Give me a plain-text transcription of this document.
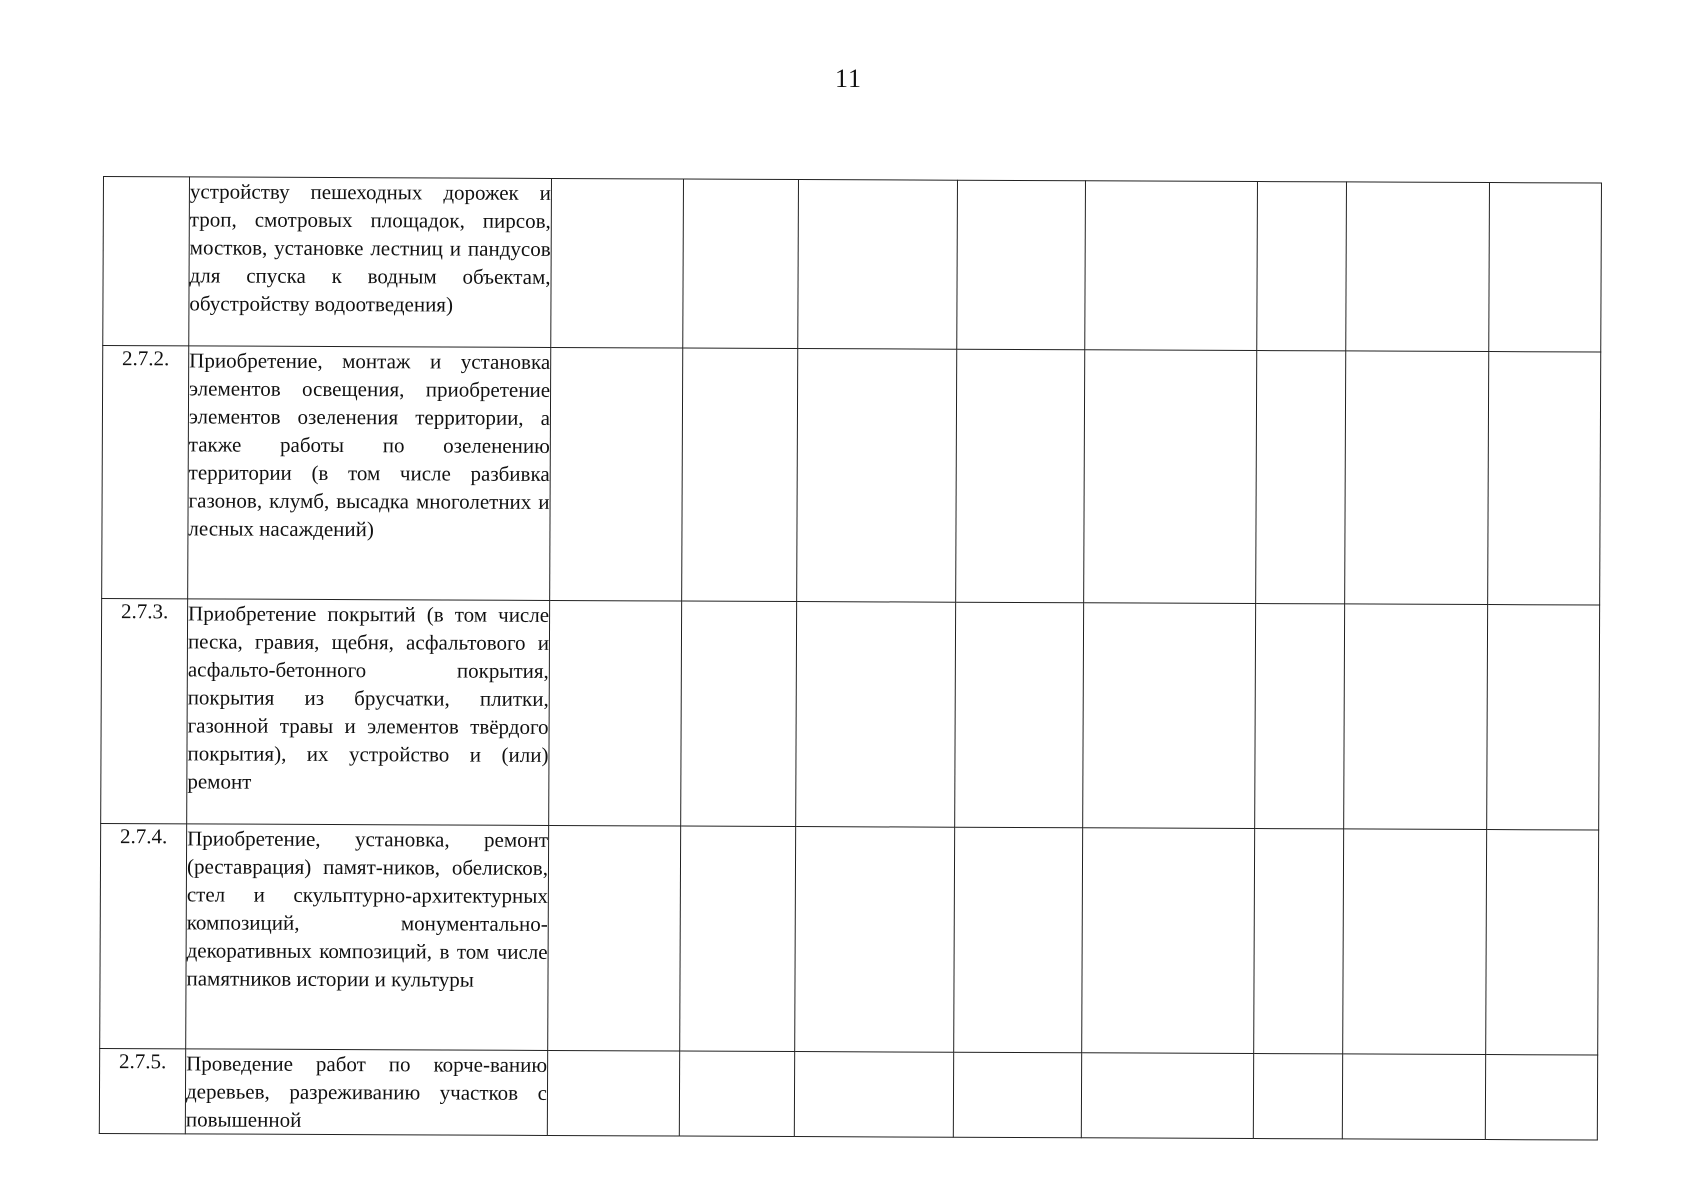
11
	устройству пешеходных дорожек и троп, смотровых площадок, пирсов, мостков, установке лестниц и пандусов для спуска к водным объектам, обустройству водоотведения)								
2.7.2.	Приобретение, монтаж и установка элементов освещения, приобретение элементов озеленения территории, а также работы по озеленению территории (в том числе разбивка газонов, клумб, высадка многолетних и лесных насаждений)								
2.7.3.	Приобретение покрытий (в том числе песка, гравия, щебня, асфальтового и асфальто-бетонного покрытия, покрытия из брусчатки, плитки, газонной травы и элементов твёрдого покрытия), их устройство и (или) ремонт								
2.7.4.	Приобретение, установка, ремонт (реставрация) памят-ников, обелисков, стел и скульптурно-архитектурных композиций, монументально-декоративных композиций, в том числе памятников истории и культуры								
2.7.5.	Проведение работ по корче-ванию деревьев, разреживанию участков с повышенной								
